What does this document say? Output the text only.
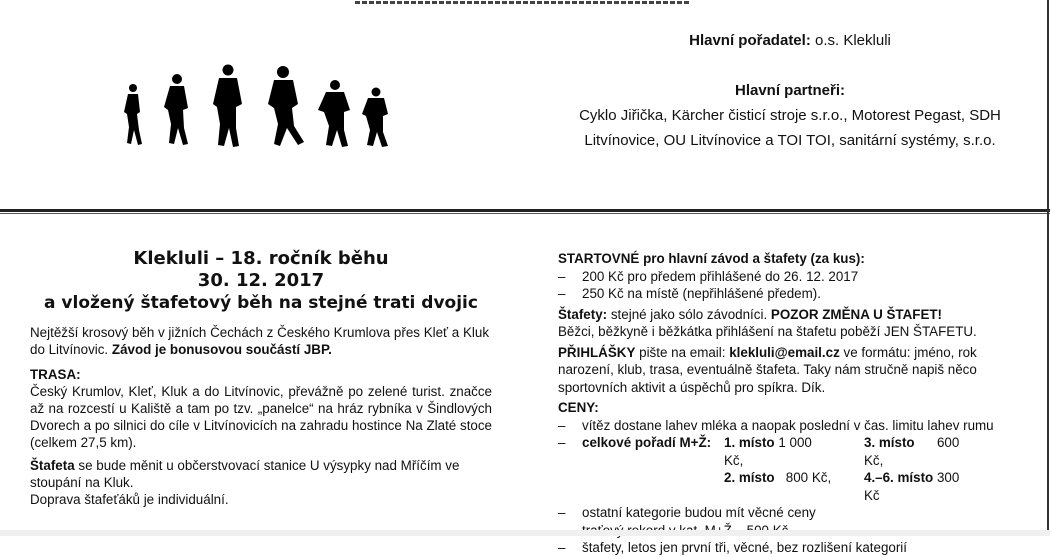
Hlavní pořadatel: o.s. Klekluli
Hlavní partneři:
Cyklo Jiřička, Kärcher čisticí stroje s.r.o., Motorest Pegast, SDH
Litvínovice, OU Litvínovice a TOI TOI, sanitární systémy, s.r.o.
Klekluli – 18. ročník běhu
30. 12. 2017
a vložený štafetový běh na stejné trati dvojic

Nejtěžší krosový běh v jižních Čechách z Českého Krumlova přes Kleť a Kluk do Litvínovic. Závod je bonusovou součástí JBP.

TRASA:

Český Krumlov, Kleť, Kluk a do Litvínovic, převážně po zelené turist. značce až na rozcestí u Kaliště a tam po tzv. „panelce“ na hráz rybníka v Šindlových Dvorech a po silnici do cíle v Litvínovicích na zahradu hostince Na Zlaté stoce (celkem 27,5 km).

Štafeta se bude měnit u občerstvovací stanice U výsypky nad Mříčím ve stoupání na Kluk.

Doprava štafeťáků je individuální.

STARTOVNÉ pro hlavní závod a štafety (za kus):
– 200 Kč pro předem přihlášené do 26. 12. 2017
– 250 Kč na místě (nepřihlášené předem).
Štafety: stejné jako sólo závodníci. POZOR ZMĚNA U ŠTAFET!
Běžci, běžkyně i běžkátka přihlášení na štafetu poběží JEN ŠTAFETU.
PŘIHLÁŠKY pište na email: klekluli@email.cz ve formátu: jméno, rok narození, klub, trasa, eventuálně štafeta. Taky nám stručně napiš něco sportovních aktivit a úspěchů pro spíkra. Dík.
CENY:
– vítěz dostane lahev mléka a naopak poslední v čas. limitu lahev rumu
– celkové pořadí M+Ž: 1. místo 1 000 Kč,
3. místo 600 Kč,
2. místo 800 Kč, 4.–6. místo 300 Kč
– ostatní kategorie budou mít věcné ceny
– štafety, letos jen první tři, věcné, bez rozlišení kategorií
